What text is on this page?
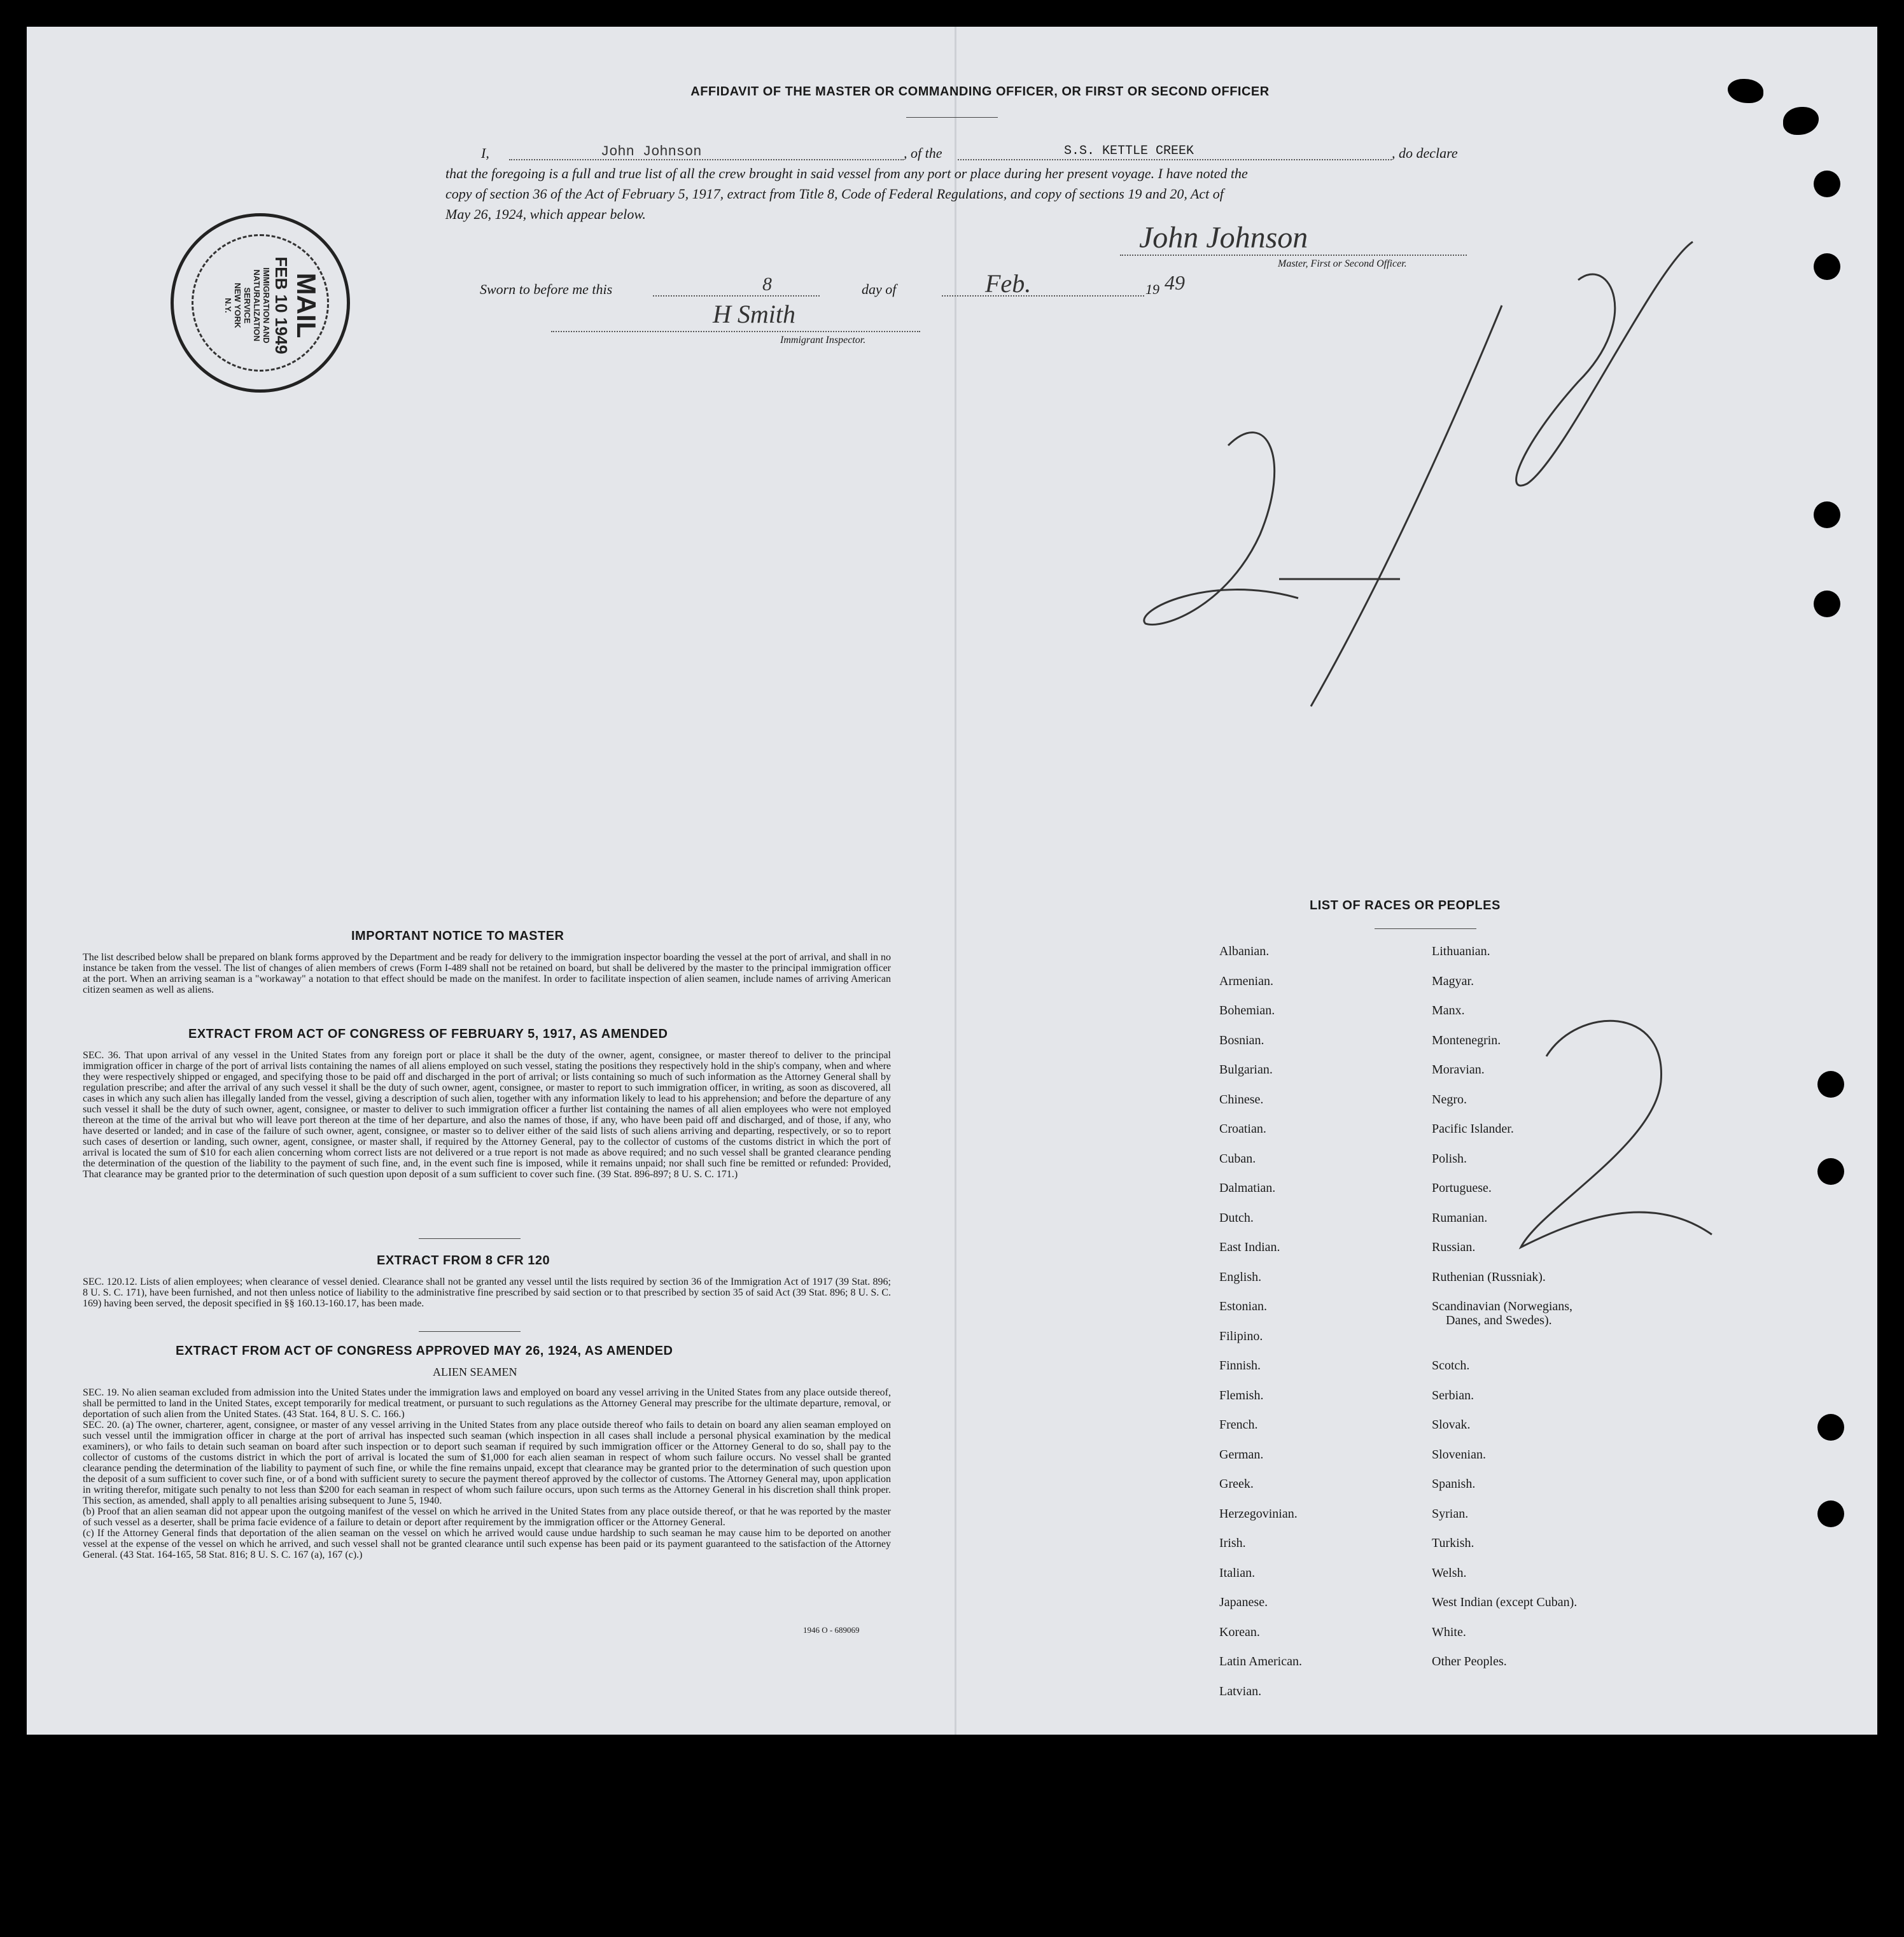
AFFIDAVIT OF THE MASTER OR COMMANDING OFFICER, OR FIRST OR SECOND OFFICER
I,	John Johnson	, of the	S.S. KETTLE CREEK	, do declare
that the foregoing is a full and true list of all the crew brought in said vessel from any port or place during her present voyage. I have noted the
copy of section 36 of the Act of February 5, 1917, extract from Title 8, Code of Federal Regulations, and copy of sections 19 and 20, Act of
May 26, 1924, which appear below.
John Johnson
Master, First or Second Officer.
Sworn to before me this	8	day of	Feb.	19 49
H Smith
Immigrant Inspector.
MAIL
FEB 10 1949
IMMIGRATION AND
NATURALIZATION
SERVICE
NEW YORK
N.Y.
IMPORTANT NOTICE TO MASTER
The list described below shall be prepared on blank forms approved by the Department and be ready for delivery to the immigration inspector boarding the vessel at the port of arrival, and shall in no instance be taken from the vessel. The list of changes of alien members of crews (Form I-489 shall not be retained on board, but shall be delivered by the master to the principal immigration officer at the port. When an arriving seaman is a "workaway" a notation to that effect should be made on the manifest. In order to facilitate inspection of alien seamen, include names of arriving American citizen seamen as well as aliens.
EXTRACT FROM ACT OF CONGRESS OF FEBRUARY 5, 1917, AS AMENDED
SEC. 36. That upon arrival of any vessel in the United States from any foreign port or place it shall be the duty of the owner, agent, consignee, or master thereof to deliver to the principal immigration officer in charge of the port of arrival lists containing the names of all aliens employed on such vessel, stating the positions they respectively hold in the ship's company, when and where they were respectively shipped or engaged, and specifying those to be paid off and discharged in the port of arrival; or lists containing so much of such information as the Attorney General shall by regulation prescribe; and after the arrival of any such vessel it shall be the duty of such owner, agent, consignee, or master to report to such immigration officer, in writing, as soon as discovered, all cases in which any such alien has illegally landed from the vessel, giving a description of such alien, together with any information likely to lead to his apprehension; and before the departure of any such vessel it shall be the duty of such owner, agent, consignee, or master to deliver to such immigration officer a further list containing the names of all alien employees who were not employed thereon at the time of the arrival but who will leave port thereon at the time of her departure, and also the names of those, if any, who have been paid off and discharged, and of those, if any, who have deserted or landed; and in case of the failure of such owner, agent, consignee, or master so to deliver either of the said lists of such aliens arriving and departing, respectively, or so to report such cases of desertion or landing, such owner, agent, consignee, or master shall, if required by the Attorney General, pay to the collector of customs of the customs district in which the port of arrival is located the sum of $10 for each alien concerning whom correct lists are not delivered or a true report is not made as above required; and no such vessel shall be granted clearance pending the determination of the question of the liability to the payment of such fine, and, in the event such fine is imposed, while it remains unpaid; nor shall such fine be remitted or refunded: Provided, That clearance may be granted prior to the determination of such question upon deposit of a sum sufficient to cover such fine. (39 Stat. 896-897; 8 U. S. C. 171.)
EXTRACT FROM 8 CFR 120
SEC. 120.12. Lists of alien employees; when clearance of vessel denied. Clearance shall not be granted any vessel until the lists required by section 36 of the Immigration Act of 1917 (39 Stat. 896; 8 U. S. C. 171), have been furnished, and not then unless notice of liability to the administrative fine prescribed by said section or to that prescribed by section 35 of said Act (39 Stat. 896; 8 U. S. C. 169) having been served, the deposit specified in §§ 160.13-160.17, has been made.
EXTRACT FROM ACT OF CONGRESS APPROVED MAY 26, 1924, AS AMENDED
ALIEN SEAMEN
SEC. 19. No alien seaman excluded from admission into the United States under the immigration laws and employed on board any vessel arriving in the United States from any place outside thereof, shall be permitted to land in the United States, except temporarily for medical treatment, or pursuant to such regulations as the Attorney General may prescribe for the ultimate departure, removal, or deportation of such alien from the United States. (43 Stat. 164, 8 U. S. C. 166.)
SEC. 20. (a) The owner, charterer, agent, consignee, or master of any vessel arriving in the United States from any place outside thereof who fails to detain on board any alien seaman employed on such vessel until the immigration officer in charge at the port of arrival has inspected such seaman (which inspection in all cases shall include a personal physical examination by the medical examiners), or who fails to detain such seaman on board after such inspection or to deport such seaman if required by such immigration officer or the Attorney General to do so, shall pay to the collector of customs of the customs district in which the port of arrival is located the sum of $1,000 for each alien seaman in respect of whom such failure occurs. No vessel shall be granted clearance pending the determination of the liability to payment of such fine, or while the fine remains unpaid, except that clearance may be granted prior to the determination of such question upon the deposit of a sum sufficient to cover such fine, or of a bond with sufficient surety to secure the payment thereof approved by the collector of customs. The Attorney General may, upon application in writing therefor, mitigate such penalty to not less than $200 for each seaman in respect of whom such failure occurs, upon such terms as the Attorney General in his discretion shall think proper. This section, as amended, shall apply to all penalties arising subsequent to June 5, 1940.
(b) Proof that an alien seaman did not appear upon the outgoing manifest of the vessel on which he arrived in the United States from any place outside thereof, or that he was reported by the master of such vessel as a deserter, shall be prima facie evidence of a failure to detain or deport after requirement by the immigration officer or the Attorney General.
(c) If the Attorney General finds that deportation of the alien seaman on the vessel on which he arrived would cause undue hardship to such seaman he may cause him to be deported on another vessel at the expense of the vessel on which he arrived, and such vessel shall not be granted clearance until such expense has been paid or its payment guaranteed to the satisfaction of the Attorney General. (43 Stat. 164-165, 58 Stat. 816; 8 U. S. C. 167 (a), 167 (c).)
1946 O - 689069
LIST OF RACES OR PEOPLES
Albanian.
Armenian.
Bohemian.
Bosnian.
Bulgarian.
Chinese.
Croatian.
Cuban.
Dalmatian.
Dutch.
East Indian.
English.
Estonian.
Filipino.
Finnish.
Flemish.
French.
German.
Greek.
Herzegovinian.
Irish.
Italian.
Japanese.
Korean.
Latin American.
Latvian.
Lithuanian.
Magyar.
Manx.
Montenegrin.
Moravian.
Negro.
Pacific Islander.
Polish.
Portuguese.
Rumanian.
Russian.
Ruthenian (Russniak).
Scandinavian (Norwegians,
Scotch.
Serbian.
Slovak.
Slovenian.
Spanish.
Syrian.
Turkish.
Welsh.
West Indian (except Cuban).
White.
Other Peoples.
Danes, and Swedes).
